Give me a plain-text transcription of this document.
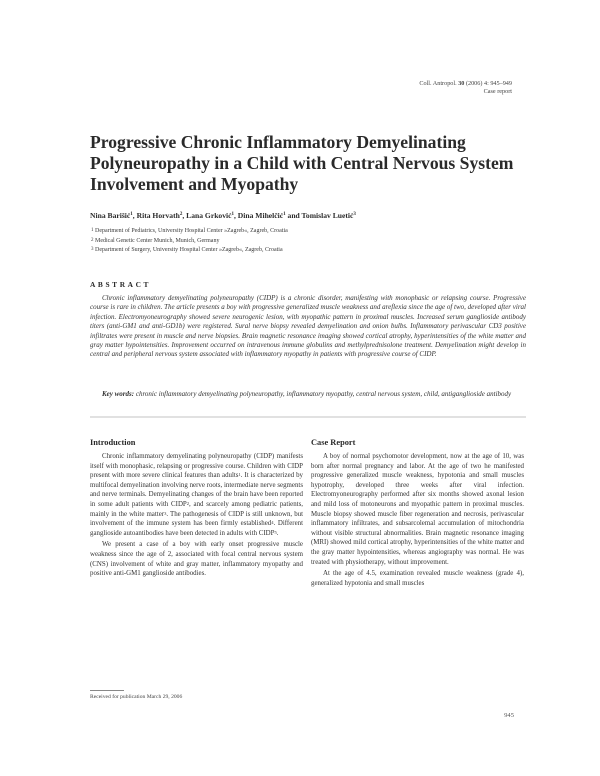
Coll. Antropol. 30 (2006) 4: 945–949
Case report
Progressive Chronic Inflammatory Demyelinating Polyneuropathy in a Child with Central Nervous System Involvement and Myopathy
Nina Barišić$^1$, Rita Horvath$^2$, Lana Grković$^1$, Dina Mihelčić$^1$ and Tomislav Luetić$^3$
$^1$ Department of Pediatrics, University Hospital Center »Zagreb«, Zagreb, Croatia
$^2$ Medical Genetic Center Munich, Munich, Germany
$^3$ Department of Surgery, University Hospital Center »Zagreb«, Zagreb, Croatia
ABSTRACT

Chronic inflammatory demyelinating polyneuropathy (CIDP) is a chronic disorder, manifesting with monophasic or relapsing course. Progressive course is rare in children. The article presents a boy with progressive generalized muscle weakness and areflexia since the age of two, developed after viral infection. Electromyoneurography showed severe neurogenic lesion, with myopathic pattern in proximal muscles. Increased serum ganglioside antibody titers (anti-GM1 and anti-GD1b) were registered. Sural nerve biopsy revealed demyelination and onion bulbs. Inflammatory perivascular CD3 positive infiltrates were present in muscle and nerve biopsies. Brain magnetic resonance imaging showed cortical atrophy, hyperintensities of the white matter and gray matter hypointensities. Improvement occurred on intravenous immune globulins and methylprednisolone treatment. Demyelination might develop in central and peripheral nervous system associated with inflammatory myopathy in patients with progressive course of CIDP.

Key words: chronic inflammatory demyelinating polyneuropathy, inflammatory myopathy, central nervous system, child, antiganglioside antibody

Introduction

Chronic inflammatory demyelinating polyneuropathy (CIDP) manifests itself with monophasic, relapsing or progressive course. Children with CIDP present with more severe clinical features than adults$^1$. It is characterized by multifocal demyelination involving nerve roots, intermediate nerve segments and nerve terminals. Demyelinating changes of the brain have been reported in some adult patients with CIDP$^2$, and scarcely among pediatric patients, mainly in the white matter$^3$. The pathogenesis of CIDP is still unknown, but involvement of the immune system has been firmly established$^4$. Different ganglioside autoantibodies have been detected in adults with CIDP$^5$.

We present a case of a boy with early onset progressive muscle weakness since the age of 2, associated with focal central nervous system (CNS) involvement of white and gray matter, inflammatory myopathy and positive anti-GM1 ganglioside antibodies.

Case Report

A boy of normal psychomotor development, now at the age of 10, was born after normal pregnancy and labor. At the age of two he manifested progressive generalized muscle weakness, hypotonia and small muscles hypotrophy, developed three weeks after viral infection. Electromyoneurography performed after six months showed axonal lesion and mild loss of motoneurons and myopathic pattern in proximal muscles. Muscle biopsy showed muscle fiber regeneration and necrosis, perivascular inflammatory infiltrates, and subsarcolemal accumulation of mitochondria without visible structural abnormalities. Brain magnetic resonance imaging (MRI) showed mild cortical atrophy, hyperintensities of the white matter and the gray matter hypointensities, whereas angiography was normal. He was treated with physiotherapy, without improvement.

At the age of 4.5, examination revealed muscle weakness (grade 4), generalized hypotonia and small muscles

Received for publication March 29, 2006
945
